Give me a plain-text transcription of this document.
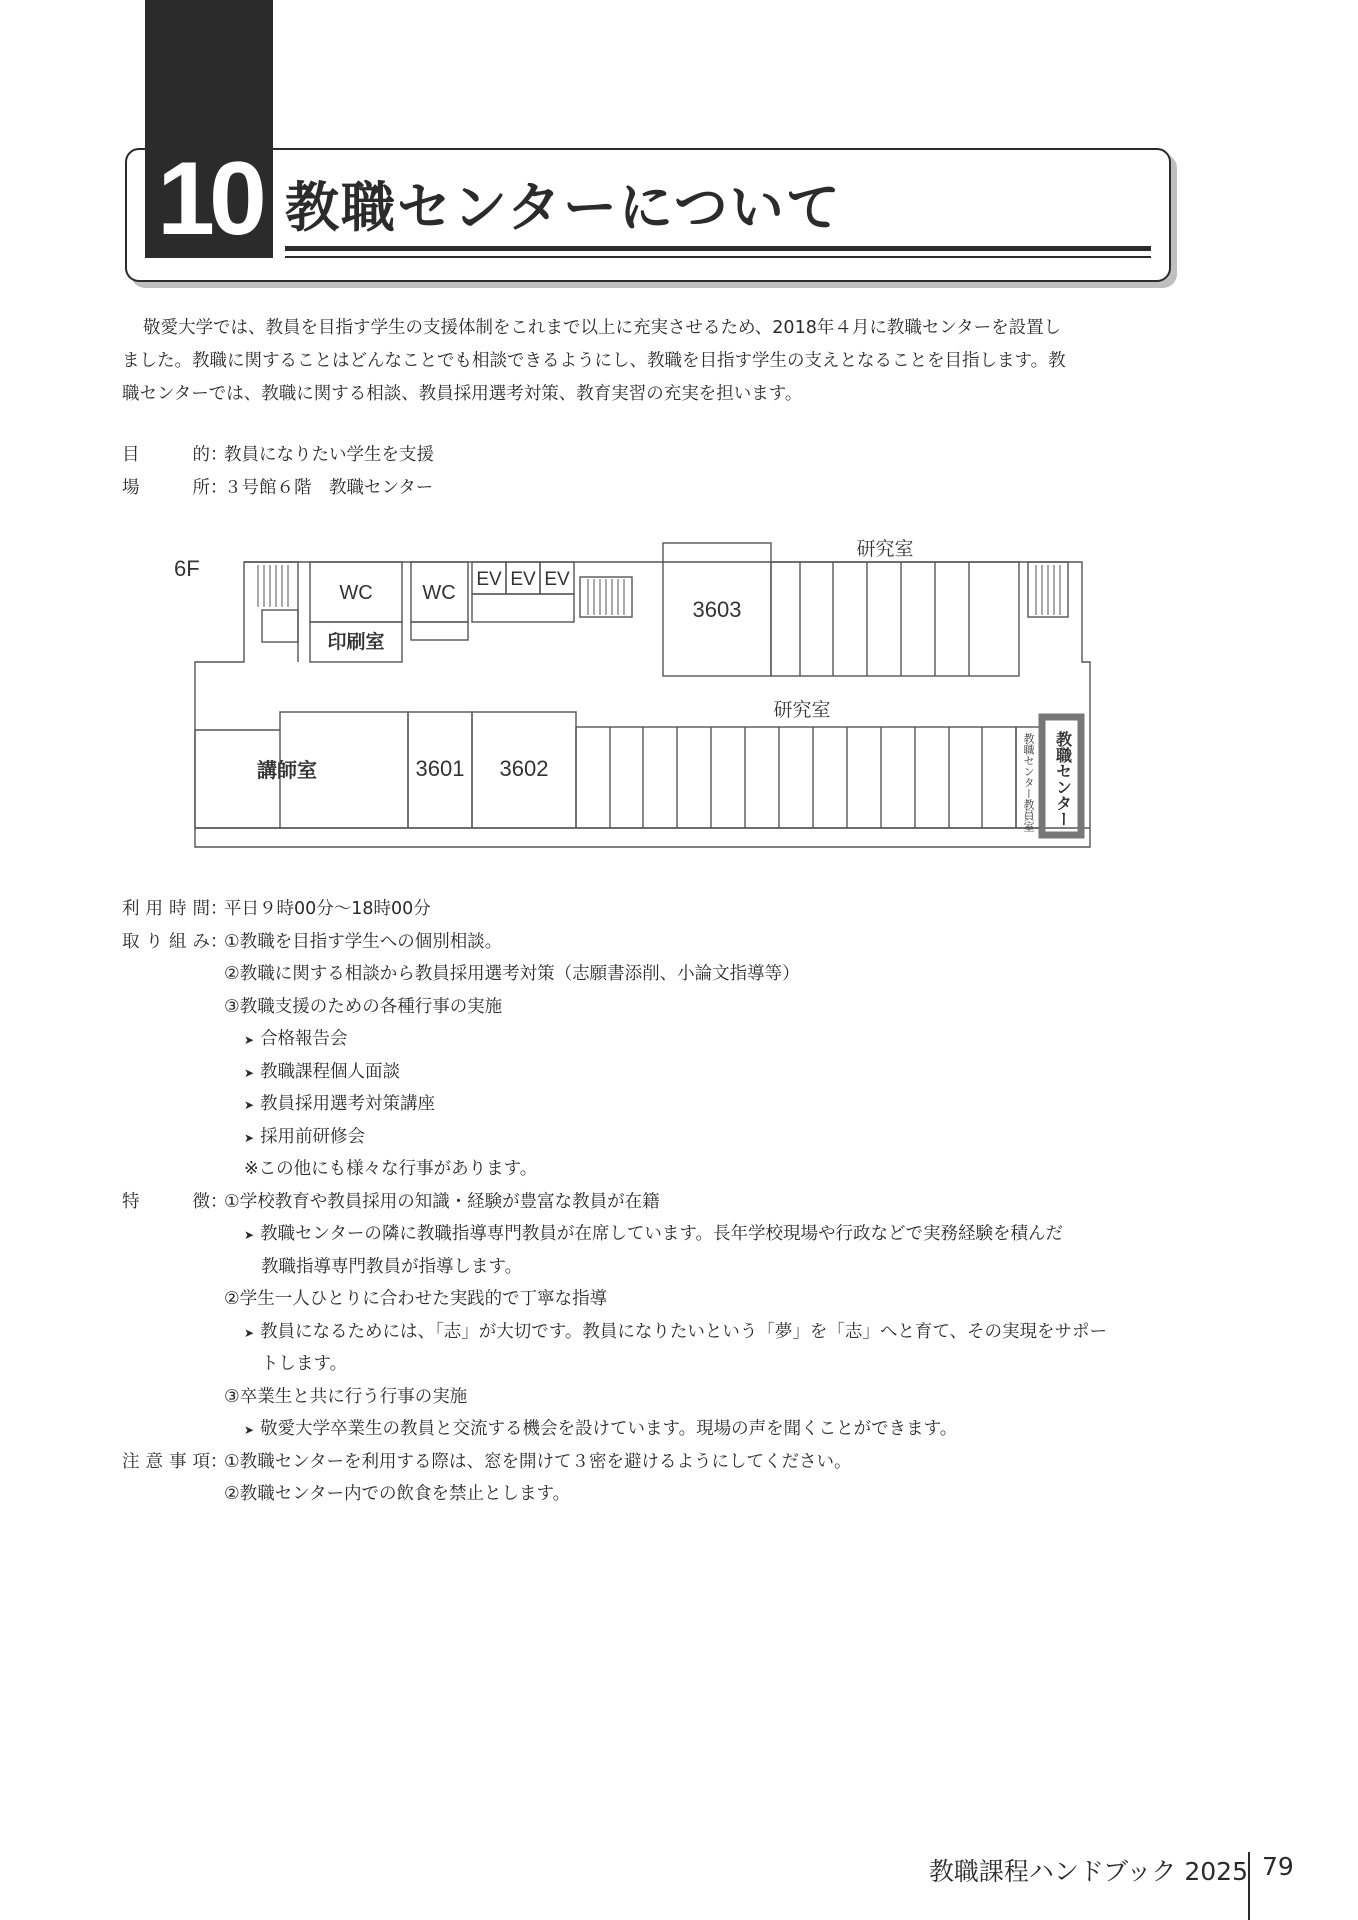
10 教職センターについて

敬愛大学では、教員を目指す学生の支援体制をこれまで以上に充実させるため、2018年４月に教職センターを設置し

ました。教職に関することはどんなことでも相談できるようにし、教職を目指す学生の支えとなることを目指します。教
職センターでは、教職に関する相談、教員採用選考対策、教育実習の充実を担います。
目　　的：教員になりたい学生を支援
場　　所：３号館６階　教職センター
6F
WC WC
EV EV EV
印刷室
3603
研究室
研究室
講師室	3601 3602	教職センター教員室 教職センター
利用時間 ：
平日９時00分〜18時00分
取り組み ：
①教職を目指す学生への個別相談。
②教職に関する相談から教員採用選考対策（志願書添削、小論文指導等）
③教職支援のための各種行事の実施
➤ 合格報告会
➤ 教職課程個人面談
➤ 教員採用選考対策講座
➤ 採用前研修会
※この他にも様々な行事があります。
特　　徴 ：
①学校教育や教員採用の知識・経験が豊富な教員が在籍
➤ 教職センターの隣に教職指導専門教員が在席しています。長年学校現場や行政などで実務経験を積んだ
教職指導専門教員が指導します。
②学生一人ひとりに合わせた実践的で丁寧な指導
➤ 教員になるためには、「志」が大切です。教員になりたいという「夢」を「志」へと育て、その実現をサポー
トします。
③卒業生と共に行う行事の実施
➤ 敬愛大学卒業生の教員と交流する機会を設けています。現場の声を聞くことができます。
注意事項 ：
①教職センターを利用する際は、窓を開けて３密を避けるようにしてください。
②教職センター内での飲食を禁止とします。
教職課程ハンドブック 2025 79
